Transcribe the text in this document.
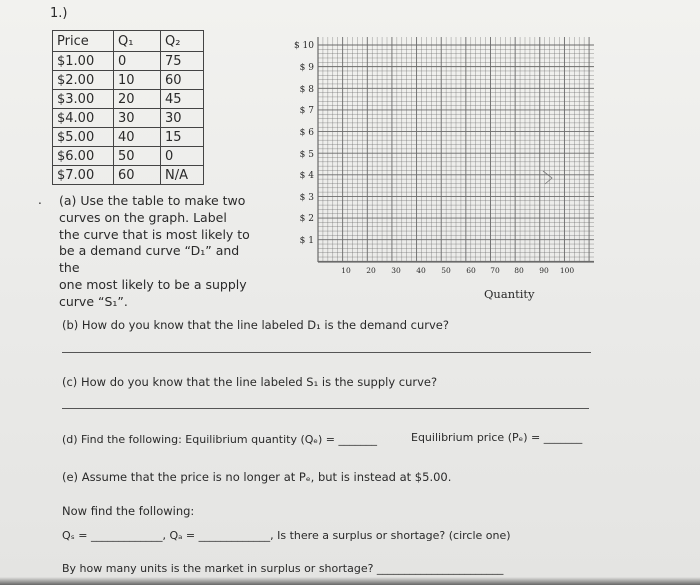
1.)
Price	Q₁	Q₂
$1.00	0	75
$2.00	10	60
$3.00	20	45
$4.00	30	30
$5.00	40	15
$6.00	50	0
$7.00	60	N/A
. (a) Use the table to make two
curves on the graph. Label
the curve that is most likely to
be a demand curve “D₁” and the
one most likely to be a supply
curve “S₁”.
$ 10
$ 9
$ 8
$ 7
$ 6
$ 5
$ 4
$ 3
$ 2
$ 1
10	20	30	40	50	60	70	80	90	100
Quantity
(b) How do you know that the line labeled D₁ is the demand curve?
(c) How do you know that the line labeled S₁ is the supply curve?
(d) Find the following: Equilibrium quantity (Qₑ) = _______	Equilibrium price (Pₑ) = _______
(e) Assume that the price is no longer at Pₑ, but is instead at $5.00.
Now find the following:
Qₛ = _____________, Qₐ = _____________, Is there a surplus or shortage? (circle one)
By how many units is the market in surplus or shortage? _______________________
